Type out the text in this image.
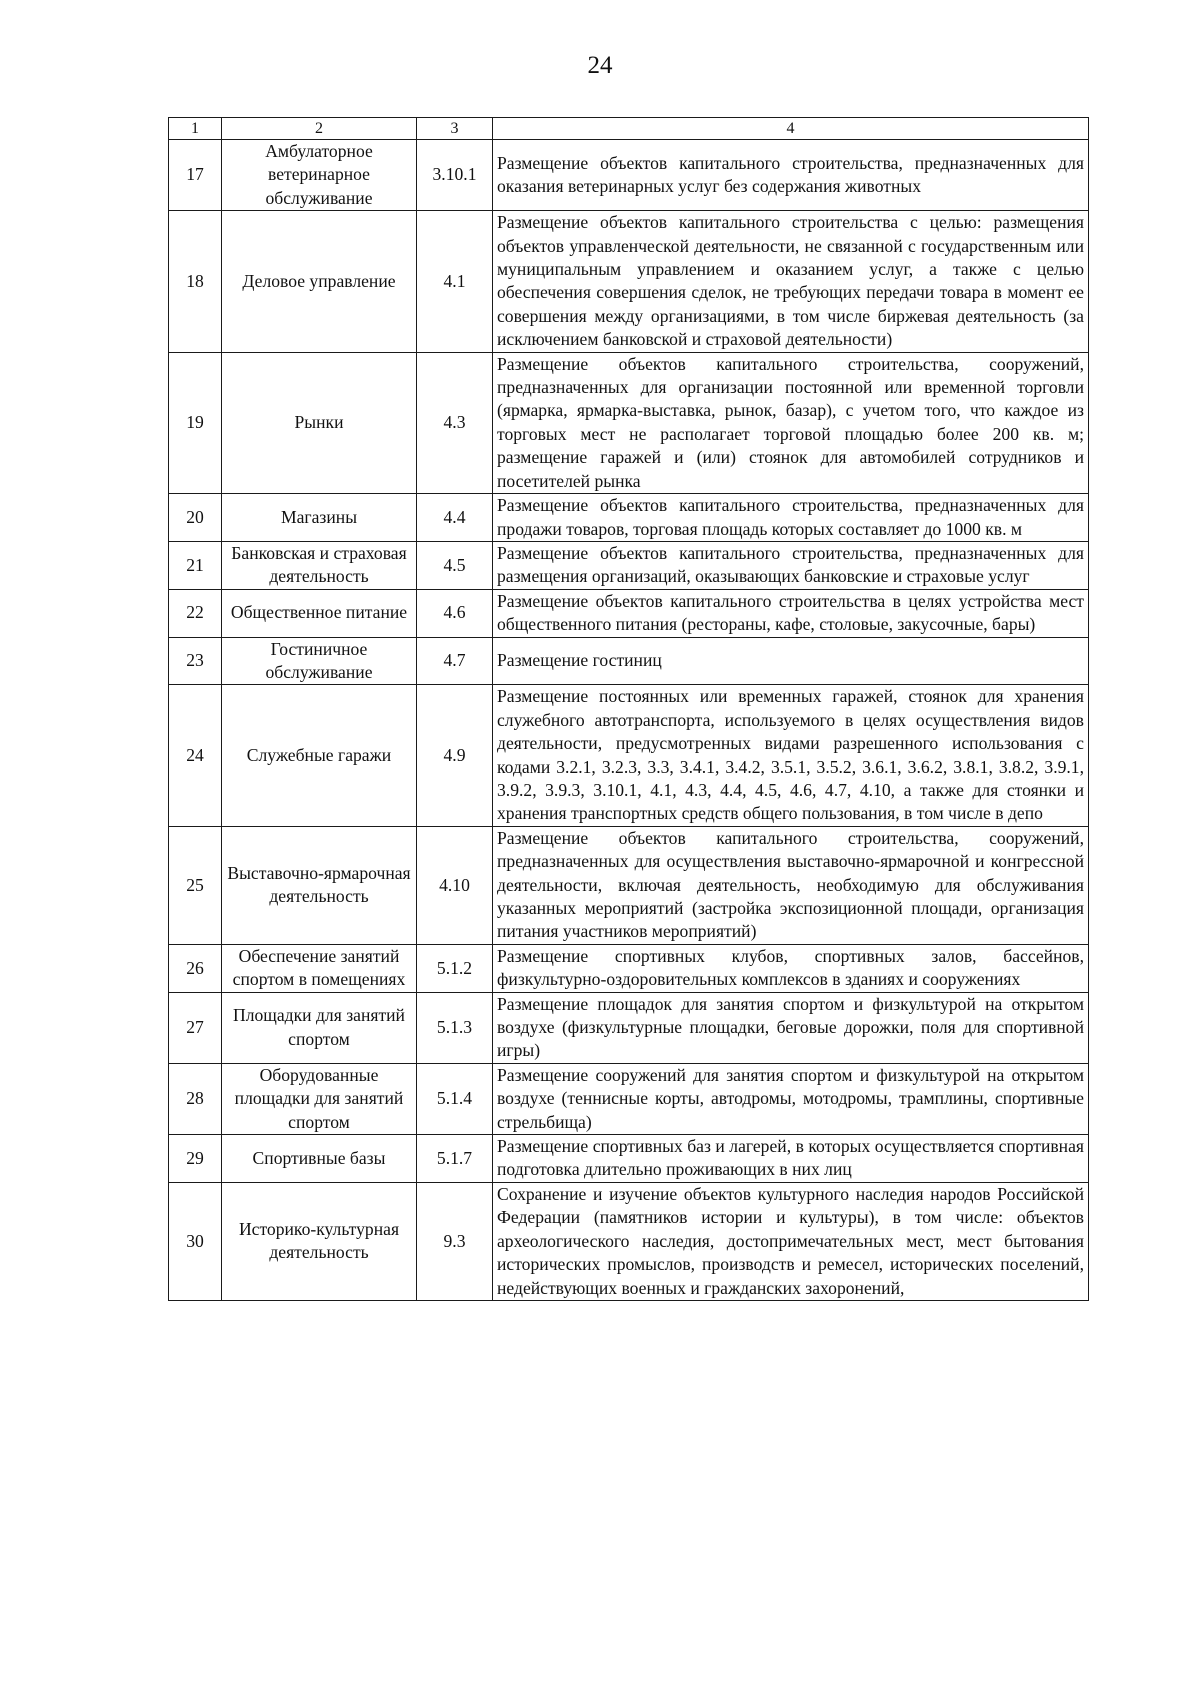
24
1	2	3	4
17	Амбулаторное ветеринарное обслуживание	3.10.1	Размещение объектов капитального строительства, предназначенных для оказания ветеринарных услуг без содержания животных
18	Деловое управление	4.1	Размещение объектов капитального строительства с целью: размещения объектов управленческой деятельности, не связанной с государственным или муниципальным управлением и оказанием услуг, а также с целью обеспечения совершения сделок, не требующих передачи товара в момент ее совершения между организациями, в том числе биржевая деятельность (за исключением банковской и страховой деятельности)
19	Рынки	4.3	Размещение объектов капитального строительства, сооружений, предназначенных для организации постоянной или временной торговли (ярмарка, ярмарка-выставка, рынок, базар), с учетом того, что каждое из торговых мест не располагает торговой площадью более 200 кв. м; размещение гаражей и (или) стоянок для автомобилей сотрудников и посетителей рынка
20	Магазины	4.4	Размещение объектов капитального строительства, предназначенных для продажи товаров, торговая площадь которых составляет до 1000 кв. м
21	Банковская и страховая деятельность	4.5	Размещение объектов капитального строительства, предназначенных для размещения организаций, оказывающих банковские и страховые услуг
22	Общественное питание	4.6	Размещение объектов капитального строительства в целях устройства мест общественного питания (рестораны, кафе, столовые, закусочные, бары)
23	Гостиничное обслуживание	4.7	Размещение гостиниц
24	Служебные гаражи	4.9	Размещение постоянных или временных гаражей, стоянок для хранения служебного автотранспорта, используемого в целях осуществления видов деятельности, предусмотренных видами разрешенного использования с кодами 3.2.1, 3.2.3, 3.3, 3.4.1, 3.4.2, 3.5.1, 3.5.2, 3.6.1, 3.6.2, 3.8.1, 3.8.2, 3.9.1, 3.9.2, 3.9.3, 3.10.1, 4.1, 4.3, 4.4, 4.5, 4.6, 4.7, 4.10, а также для стоянки и хранения транспортных средств общего пользования, в том числе в депо
25	Выставочно-ярмарочная деятельность	4.10	Размещение объектов капитального строительства, сооружений, предназначенных для осуществления выставочно-ярмарочной и конгрессной деятельности, включая деятельность, необходимую для обслуживания указанных мероприятий (застройка экспозиционной площади, организация питания участников мероприятий)
26	Обеспечение занятий спортом в помещениях	5.1.2	Размещение спортивных клубов, спортивных залов, бассейнов, физкультурно-оздоровительных комплексов в зданиях и сооружениях
27	Площадки для занятий спортом	5.1.3	Размещение площадок для занятия спортом и физкультурой на открытом воздухе (физкультурные площадки, беговые дорожки, поля для спортивной игры)
28	Оборудованные площадки для занятий спортом	5.1.4	Размещение сооружений для занятия спортом и физкультурой на открытом воздухе (теннисные корты, автодромы, мотодромы, трамплины, спортивные стрельбища)
29	Спортивные базы	5.1.7	Размещение спортивных баз и лагерей, в которых осуществляется спортивная подготовка длительно проживающих в них лиц
30	Историко-культурная деятельность	9.3	Сохранение и изучение объектов культурного наследия народов Российской Федерации (памятников истории и культуры), в том числе: объектов археологического наследия, достопримечательных мест, мест бытования исторических промыслов, производств и ремесел, исторических поселений, недействующих военных и гражданских захоронений,
